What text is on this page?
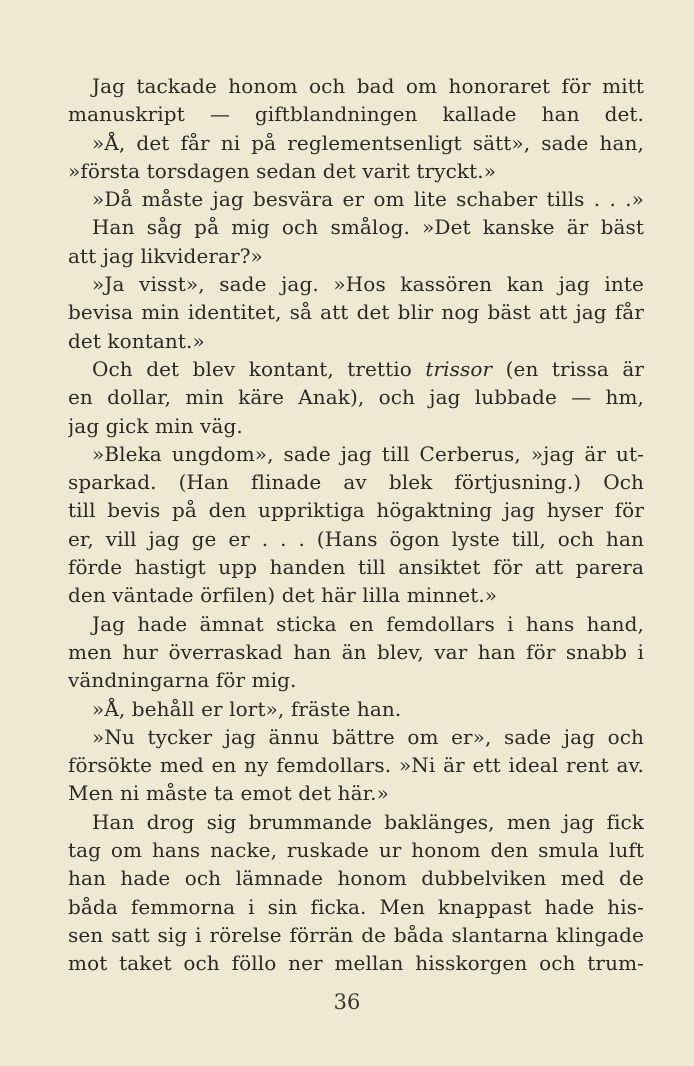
Jag tackade honom och bad om honoraret för mitt
manuskript — giftblandningen kallade han det.
»Å, det får ni på reglementsenligt sätt», sade han,
»första torsdagen sedan det varit tryckt.»
»Då måste jag besvära er om lite schaber tills . . .»
Han såg på mig och smålog. »Det kanske är bäst
att jag likviderar?»
»Ja visst», sade jag. »Hos kassören kan jag inte
bevisa min identitet, så att det blir nog bäst att jag får
det kontant.»
Och det blev kontant, trettio trissor (en trissa är
en dollar, min käre Anak), och jag lubbade — hm,
jag gick min väg.
»Bleka ungdom», sade jag till Cerberus, »jag är ut-
sparkad. (Han flinade av blek förtjusning.) Och
till bevis på den uppriktiga högaktning jag hyser för
er, vill jag ge er . . . (Hans ögon lyste till, och han
förde hastigt upp handen till ansiktet för att parera
den väntade örfilen) det här lilla minnet.»
Jag hade ämnat sticka en femdollars i hans hand,
men hur överraskad han än blev, var han för snabb i
vändningarna för mig.
»Å, behåll er lort», fräste han.
»Nu tycker jag ännu bättre om er», sade jag och
försökte med en ny femdollars. »Ni är ett ideal rent av.
Men ni måste ta emot det här.»
Han drog sig brummande baklänges, men jag fick
tag om hans nacke, ruskade ur honom den smula luft
han hade och lämnade honom dubbelviken med de
båda femmorna i sin ficka. Men knappast hade his-
sen satt sig i rörelse förrän de båda slantarna klingade
mot taket och föllo ner mellan hisskorgen och trum-
36
